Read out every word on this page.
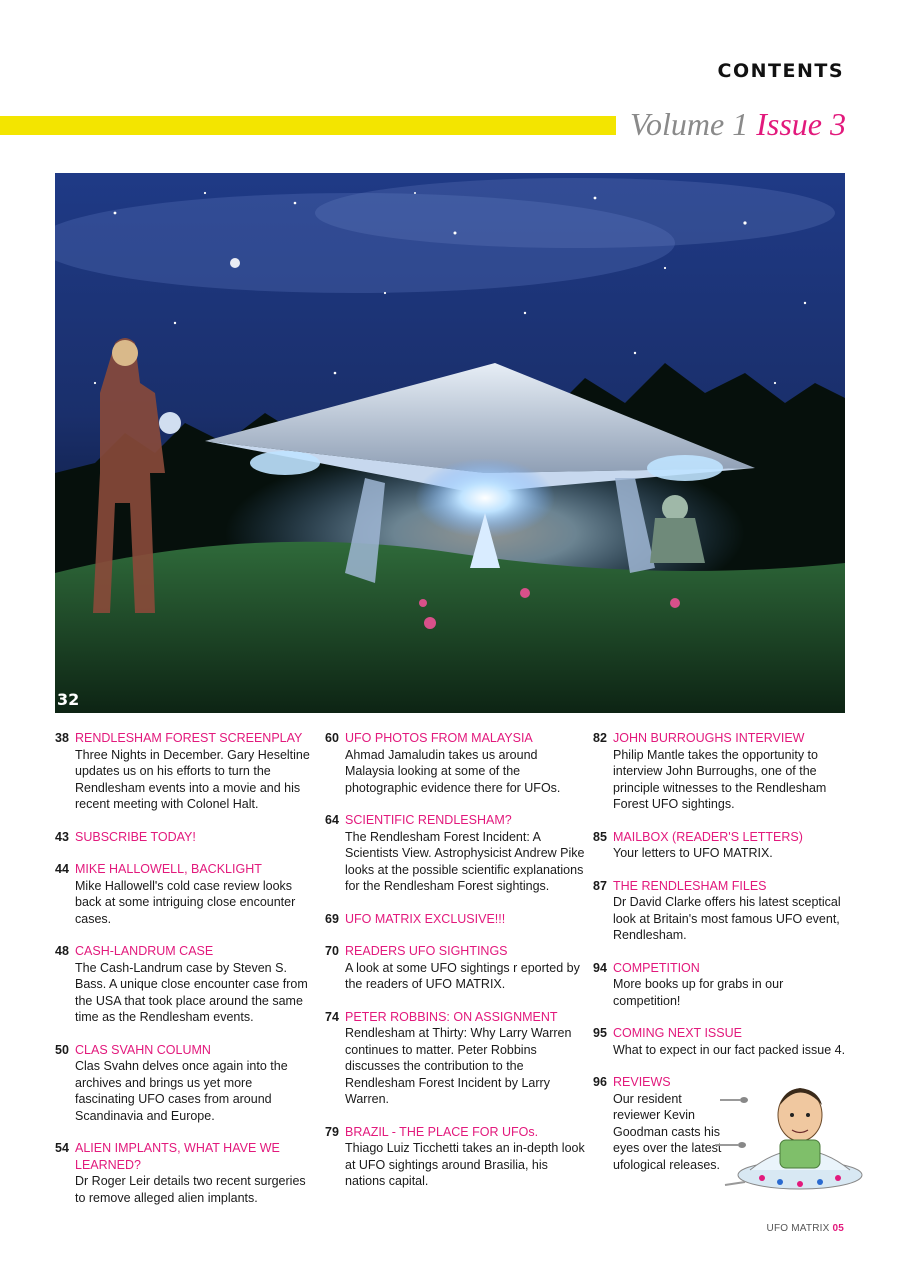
CONTENTS
Volume 1 Issue 3
32
38 RENDLESHAM FOREST SCREENPLAY
Three Nights in December. Gary Heseltine updates us on his efforts to turn the Rendlesham events into a movie and his recent meeting with Colonel Halt.
43 SUBSCRIBE TODAY!
44 MIKE HALLOWELL, BACKLIGHT
Mike Hallowell's cold case review looks back at some intriguing close encounter cases.
48 CASH-LANDRUM CASE
The Cash-Landrum case by Steven S. Bass. A unique close encounter case from the USA that took place around the same time as the Rendlesham events.
50 CLAS SVAHN COLUMN
Clas Svahn delves once again into the archives and brings us yet more fascinating UFO cases from around Scandinavia and Europe.
54 ALIEN IMPLANTS, WHAT HAVE WE LEARNED?
Dr Roger Leir details two recent surgeries to remove alleged alien implants.
60 UFO PHOTOS FROM MALAYSIA
Ahmad Jamaludin takes us around Malaysia looking at some of the photographic evidence there for UFOs.
64 SCIENTIFIC RENDLESHAM?
The Rendlesham Forest Incident: A Scientists View. Astrophysicist Andrew Pike looks at the possible scientific explanations for the Rendlesham Forest sightings.
69 UFO MATRIX EXCLUSIVE!!!
70 READERS UFO SIGHTINGS
A look at some UFO sightings r eported by the readers of UFO MATRIX.
74 PETER ROBBINS: ON ASSIGNMENT
Rendlesham at Thirty: Why Larry Warren continues to matter. Peter Robbins discusses the contribution to the Rendlesham Forest Incident by Larry Warren.
79 BRAZIL - THE PLACE FOR UFOs.
Thiago Luiz Ticchetti takes an in-depth look at UFO sightings around Brasilia, his nations capital.
82 JOHN BURROUGHS INTERVIEW
Philip Mantle takes the opportunity to interview John Burroughs, one of the principle witnesses to the Rendlesham Forest UFO sightings.
85 MAILBOX (READER'S LETTERS)
Your letters to UFO MATRIX.
87 THE RENDLESHAM FILES
Dr David Clarke offers his latest sceptical look at Britain's most famous UFO event, Rendlesham.
94 COMPETITION
More books up for grabs in our competition!
95 COMING NEXT ISSUE
What to expect in our fact packed issue 4.
96 REVIEWS
Our resident reviewer Kevin Goodman casts his eyes over the latest ufological releases.
UFO MATRIX 05
